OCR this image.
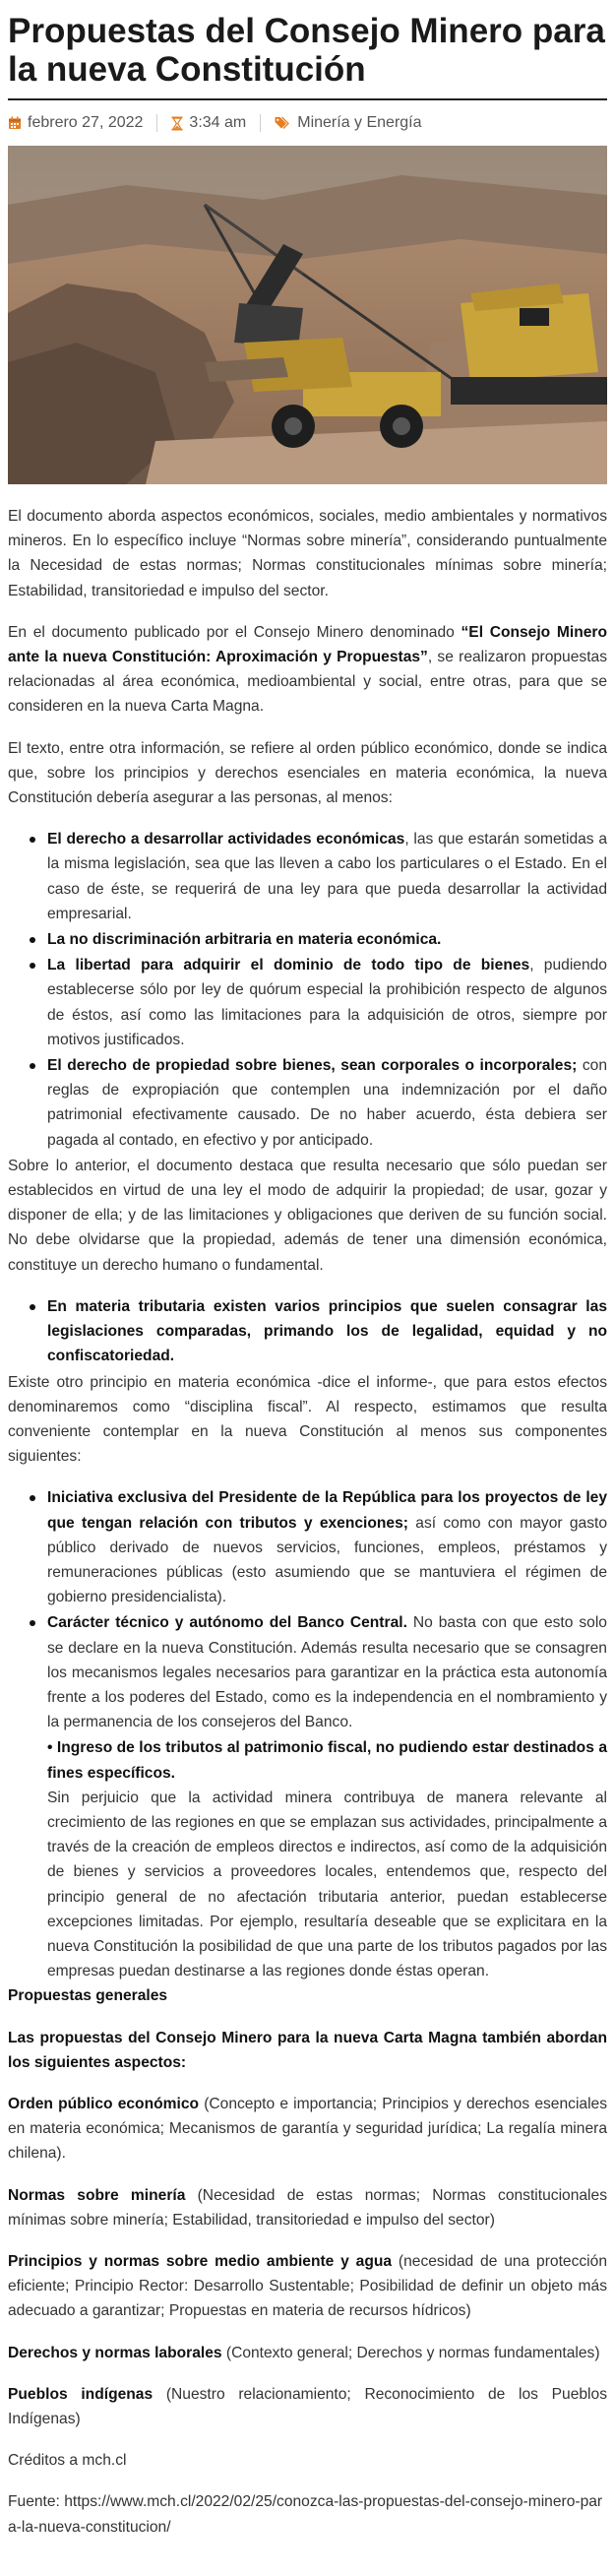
Propuestas del Consejo Minero para la nueva Constitución
febrero 27, 2022	3:34 am	Minería y Energía

El documento aborda aspectos económicos, sociales, medio ambientales y normativos mineros. En lo específico incluye “Normas sobre minería”, considerando puntualmente la Necesidad de estas normas; Normas constitucionales mínimas sobre minería; Estabilidad, transitoriedad e impulso del sector.

En el documento publicado por el Consejo Minero denominado “El Consejo Minero ante la nueva Constitución: Aproximación y Propuestas”, se realizaron propuestas relacionadas al área económica, medioambiental y social, entre otras, para que se consideren en la nueva Carta Magna.

El texto, entre otra información, se refiere al orden público económico, donde se indica que, sobre los principios y derechos esenciales en materia económica, la nueva Constitución debería asegurar a las personas, al menos:

El derecho a desarrollar actividades económicas, las que estarán sometidas a la misma legislación, sea que las lleven a cabo los particulares o el Estado. En el caso de éste, se requerirá de una ley para que pueda desarrollar la actividad empresarial.
La no discriminación arbitraria en materia económica.
La libertad para adquirir el dominio de todo tipo de bienes, pudiendo establecerse sólo por ley de quórum especial la prohibición respecto de algunos de éstos, así como las limitaciones para la adquisición de otros, siempre por motivos justificados.
El derecho de propiedad sobre bienes, sean corporales o incorporales; con reglas de expropiación que contemplen una indemnización por el daño patrimonial efectivamente causado. De no haber acuerdo, ésta debiera ser pagada al contado, en efectivo y por anticipado.

Sobre lo anterior, el documento destaca que resulta necesario que sólo puedan ser establecidos en virtud de una ley el modo de adquirir la propiedad; de usar, gozar y disponer de ella; y de las limitaciones y obligaciones que deriven de su función social. No debe olvidarse que la propiedad, además de tener una dimensión económica, constituye un derecho humano o fundamental.

En materia tributaria existen varios principios que suelen consagrar las legislaciones comparadas, primando los de legalidad, equidad y no confiscatoriedad.

Existe otro principio en materia económica -dice el informe-, que para estos efectos denominaremos como “disciplina fiscal”. Al respecto, estimamos que resulta conveniente contemplar en la nueva Constitución al menos sus componentes siguientes:

Iniciativa exclusiva del Presidente de la República para los proyectos de ley que tengan relación con tributos y exenciones; así como con mayor gasto público derivado de nuevos servicios, funciones, empleos, préstamos y remuneraciones públicas (esto asumiendo que se mantuviera el régimen de gobierno presidencialista).
Carácter técnico y autónomo del Banco Central. No basta con que esto solo se declare en la nueva Constitución. Además resulta necesario que se consagren los mecanismos legales necesarios para garantizar en la práctica esta autonomía frente a los poderes del Estado, como es la independencia en el nombramiento y la permanencia de los consejeros del Banco.

• Ingreso de los tributos al patrimonio fiscal, no pudiendo estar destinados a fines específicos.

Sin perjuicio que la actividad minera contribuya de manera relevante al crecimiento de las regiones en que se emplazan sus actividades, principalmente a través de la creación de empleos directos e indirectos, así como de la adquisición de bienes y servicios a proveedores locales, entendemos que, respecto del principio general de no afectación tributaria anterior, puedan establecerse excepciones limitadas. Por ejemplo, resultaría deseable que se explicitara en la nueva Constitución la posibilidad de que una parte de los tributos pagados por las empresas puedan destinarse a las regiones donde éstas operan.

Propuestas generales

Las propuestas del Consejo Minero para la nueva Carta Magna también abordan los siguientes aspectos:

Orden público económico (Concepto e importancia; Principios y derechos esenciales en materia económica; Mecanismos de garantía y seguridad jurídica; La regalía minera chilena).

Normas sobre minería (Necesidad de estas normas; Normas constitucionales mínimas sobre minería; Estabilidad, transitoriedad e impulso del sector)

Principios y normas sobre medio ambiente y agua (necesidad de una protección eficiente; Principio Rector: Desarrollo Sustentable; Posibilidad de definir un objeto más adecuado a garantizar; Propuestas en materia de recursos hídricos)

Derechos y normas laborales (Contexto general; Derechos y normas fundamentales)

Pueblos indígenas (Nuestro relacionamiento; Reconocimiento de los Pueblos Indígenas)

Créditos a mch.cl

Fuente: https://www.mch.cl/2022/02/25/conozca-las-propuestas-del-consejo-minero-para-la-nueva-constitucion/
